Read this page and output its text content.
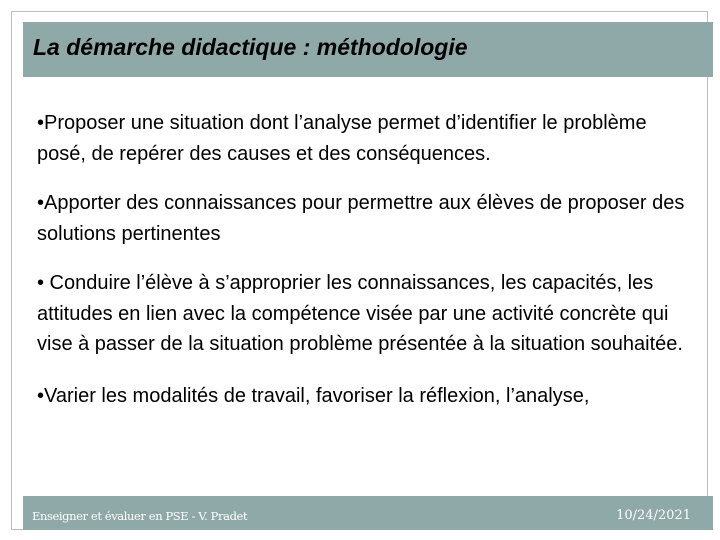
La démarche didactique : méthodologie

•Proposer une situation dont l’analyse permet d’identifier le problème posé, de repérer des causes et des conséquences.

•Apporter des connaissances pour permettre aux élèves de proposer des solutions pertinentes

• Conduire l’élève à s’approprier les connaissances, les capacités, les attitudes en lien avec la compétence visée par une activité concrète qui vise à passer de la situation problème présentée à la situation souhaitée.

•Varier les modalités de travail, favoriser la réflexion, l’analyse,

Enseigner et évaluer en PSE - V. Pradet	10/24/2021
